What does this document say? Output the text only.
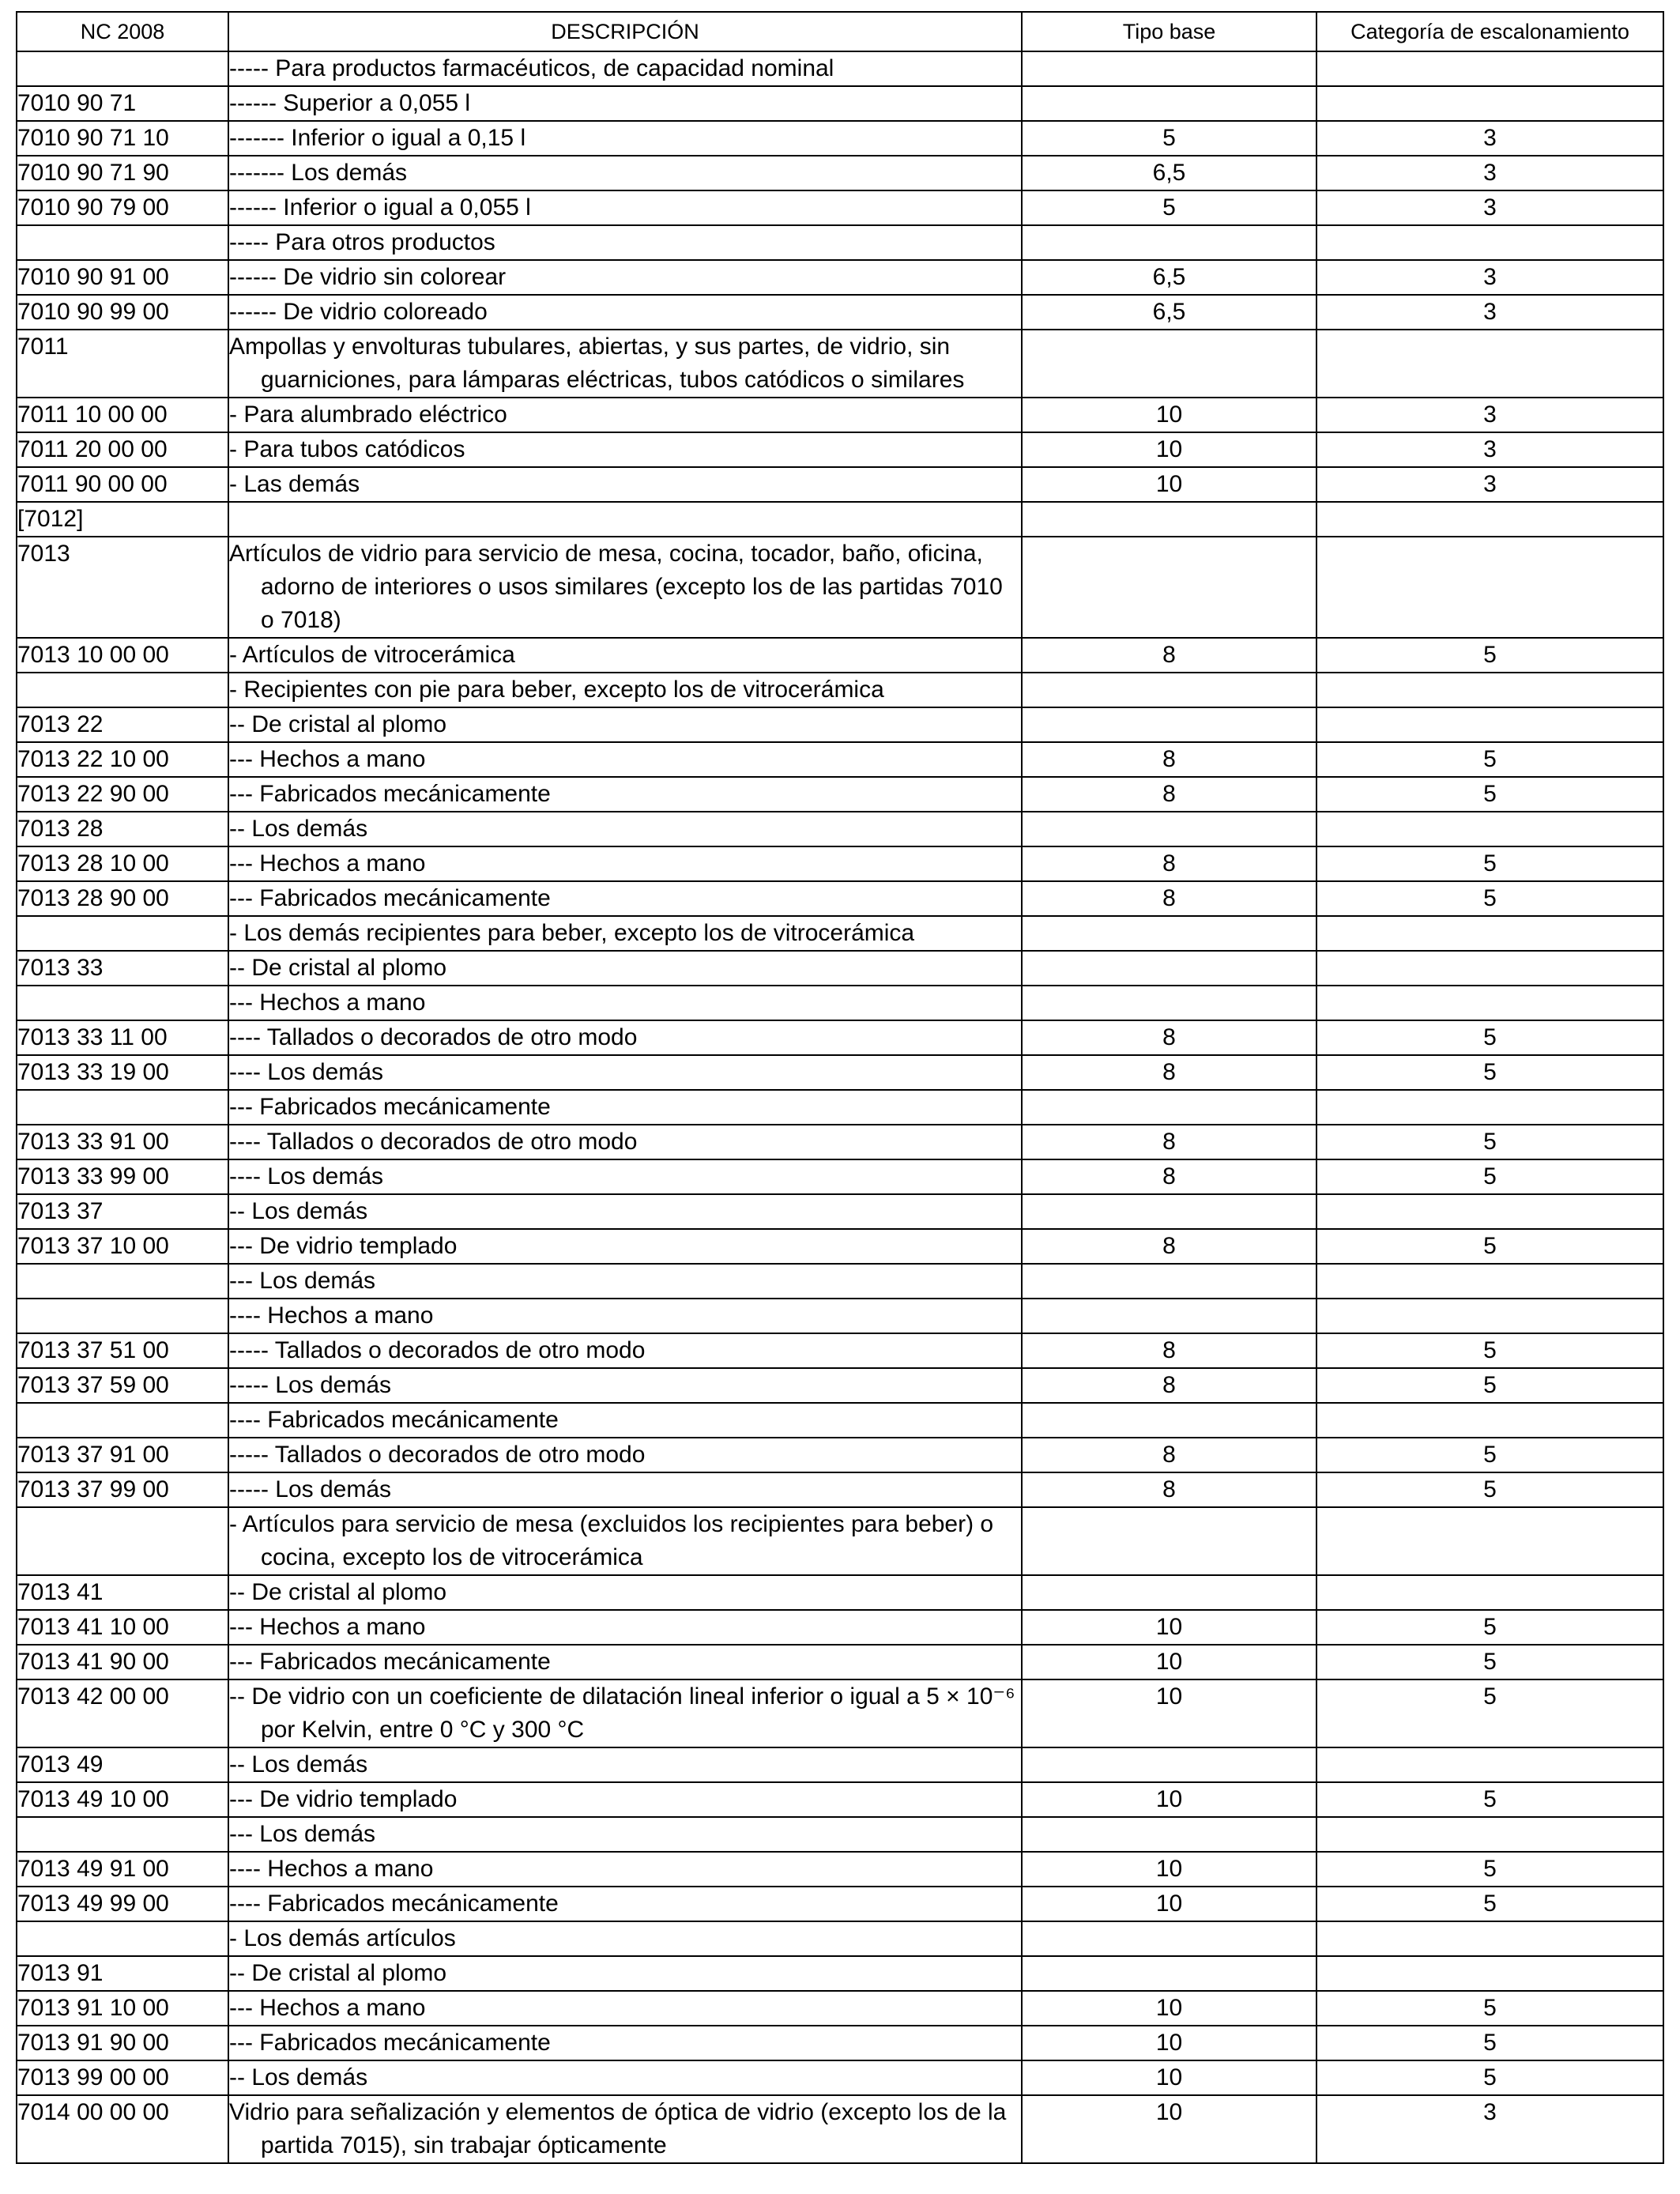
NC 2008	DESCRIPCIÓN	Tipo base	Categoría de escalonamiento

	----- Para productos farmacéuticos, de capacidad nominal		

7010 90 71	------ Superior a 0,055 l		

7010 90 71 10	------- Inferior o igual a 0,15 l	5	3
7010 90 71 90	------- Los demás	6,5	3
7010 90 79 00	------ Inferior o igual a 0,055 l	5	3

	----- Para otros productos		

7010 90 91 00	------ De vidrio sin colorear	6,5	3
7010 90 99 00	------ De vidrio coloreado	6,5	3
7011	Ampollas y envolturas tubulares, abiertas, y sus partes, de vidrio, sin guarniciones, para lámparas eléctricas, tubos catódicos o similares		

7011 10 00 00	- Para alumbrado eléctrico	10	3
7011 20 00 00	- Para tubos catódicos	10	3
7011 90 00 00	- Las demás	10	3
[7012]	

7013	Artículos de vidrio para servicio de mesa, cocina, tocador, baño, oficina, adorno de interiores o usos similares (excepto los de las partidas 7010 o 7018)		

7013 10 00 00	- Artículos de vitrocerámica	8	5

	- Recipientes con pie para beber, excepto los de vitrocerámica		

7013 22	-- De cristal al plomo		

7013 22 10 00	--- Hechos a mano	8	5
7013 22 90 00	--- Fabricados mecánicamente	8	5
7013 28	-- Los demás		

7013 28 10 00	--- Hechos a mano	8	5
7013 28 90 00	--- Fabricados mecánicamente	8	5

	- Los demás recipientes para beber, excepto los de vitrocerámica		

7013 33	-- De cristal al plomo		

	--- Hechos a mano		

7013 33 11 00	---- Tallados o decorados de otro modo	8	5
7013 33 19 00	---- Los demás	8	5

	--- Fabricados mecánicamente		

7013 33 91 00	---- Tallados o decorados de otro modo	8	5
7013 33 99 00	---- Los demás	8	5
7013 37	-- Los demás		

7013 37 10 00	--- De vidrio templado	8	5

	--- Los demás		

	---- Hechos a mano		

7013 37 51 00	----- Tallados o decorados de otro modo	8	5
7013 37 59 00	----- Los demás	8	5

	---- Fabricados mecánicamente		

7013 37 91 00	----- Tallados o decorados de otro modo	8	5
7013 37 99 00	----- Los demás	8	5

	- Artículos para servicio de mesa (excluidos los recipientes para beber) o cocina, excepto los de vitrocerámica		

7013 41	-- De cristal al plomo		

7013 41 10 00	--- Hechos a mano	10	5
7013 41 90 00	--- Fabricados mecánicamente	10	5
7013 42 00 00	-- De vidrio con un coeficiente de dilatación lineal inferior o igual a 5 × 10⁻⁶ por Kelvin, entre 0 °C y 300 °C	10	5
7013 49	-- Los demás		

7013 49 10 00	--- De vidrio templado	10	5

	--- Los demás		

7013 49 91 00	---- Hechos a mano	10	5
7013 49 99 00	---- Fabricados mecánicamente	10	5

	- Los demás artículos		

7013 91	-- De cristal al plomo		

7013 91 10 00	--- Hechos a mano	10	5
7013 91 90 00	--- Fabricados mecánicamente	10	5
7013 99 00 00	-- Los demás	10	5
7014 00 00 00	Vidrio para señalización y elementos de óptica de vidrio (excepto los de la partida 7015), sin trabajar ópticamente	10	3
